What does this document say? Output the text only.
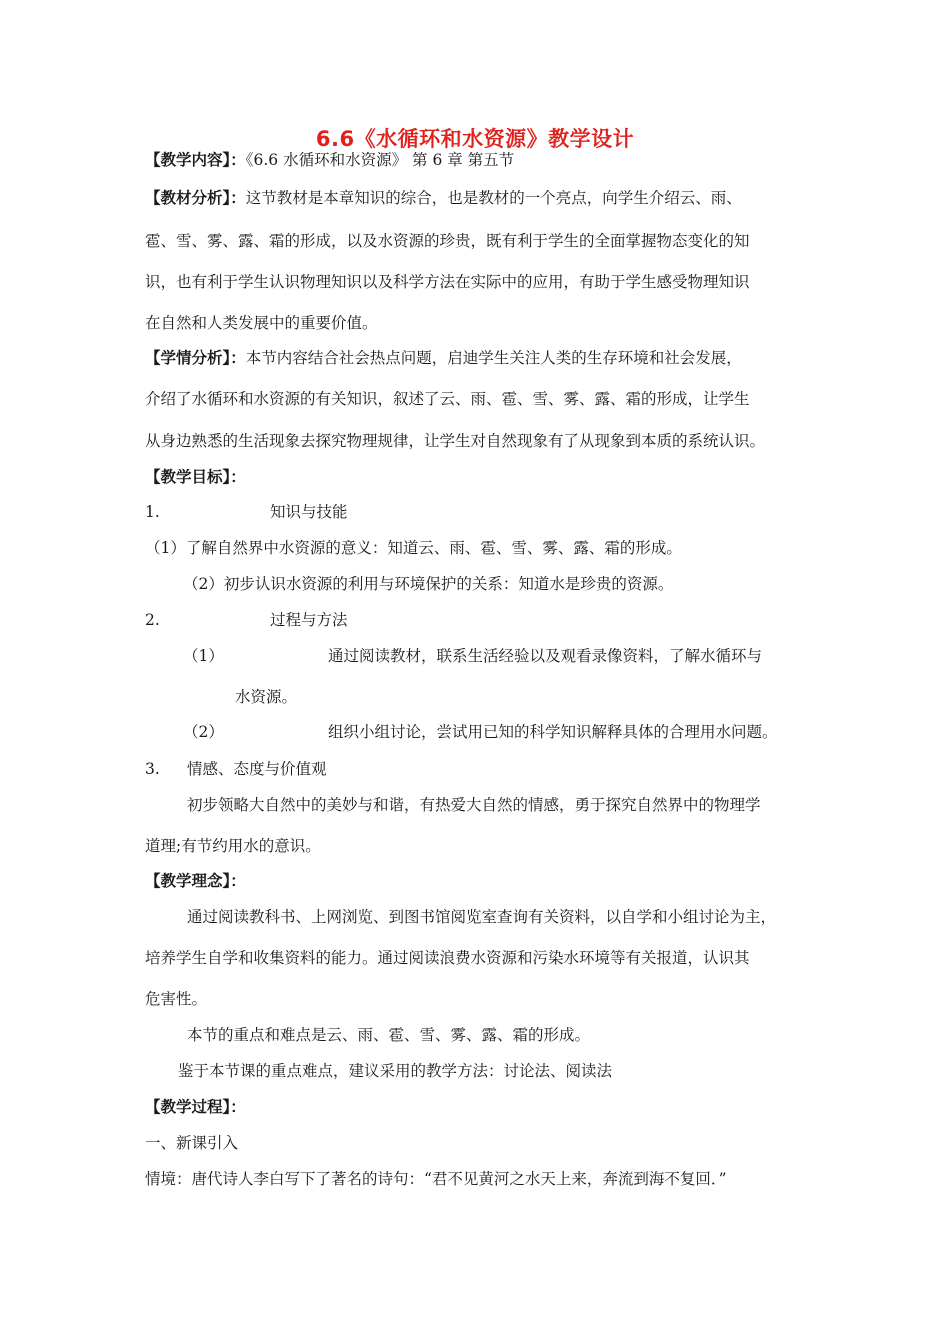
6.6《水循环和水资源》教学设计
【教学内容】：《6.6 水循环和水资源》 第 6 章 第五节
【教材分析】：这节教材是本章知识的综合，也是教材的一个亮点，向学生介绍云、雨、
雹、雪、雾、露、霜的形成，以及水资源的珍贵，既有利于学生的全面掌握物态变化的知
识，也有利于学生认识物理知识以及科学方法在实际中的应用，有助于学生感受物理知识
在自然和人类发展中的重要价值。
【学情分析】：本节内容结合社会热点问题，启迪学生关注人类的生存环境和社会发展，
介绍了水循环和水资源的有关知识，叙述了云、雨、雹、雪、雾、露、霜的形成，让学生
从身边熟悉的生活现象去探究物理规律，让学生对自然现象有了从现象到本质的系统认识。
【教学目标】：
1.	知识与技能
（1）了解自然界中水资源的意义：知道云、雨、雹、雪、雾、露、霜的形成。
（2）初步认识水资源的利用与环境保护的关系：知道水是珍贵的资源。
2.	过程与方法
（1）	通过阅读教材，联系生活经验以及观看录像资料，了解水循环与
水资源。
（2）	组织小组讨论，尝试用已知的科学知识解释具体的合理用水问题。
3. 情感、态度与价值观
初步领略大自然中的美妙与和谐，有热爱大自然的情感，勇于探究自然界中的物理学
道理;有节约用水的意识。
【教学理念】：
通过阅读教科书、上网浏览、到图书馆阅览室查询有关资料，以自学和小组讨论为主，
培养学生自学和收集资料的能力。通过阅读浪费水资源和污染水环境等有关报道，认识其
危害性。
本节的重点和难点是云、雨、雹、雪、雾、露、霜的形成。
鉴于本节课的重点难点，建议采用的教学方法：讨论法、阅读法
【教学过程】：
一、新课引入
情境：唐代诗人李白写下了著名的诗句：“君不见黄河之水天上来，奔流到海不复回．”
